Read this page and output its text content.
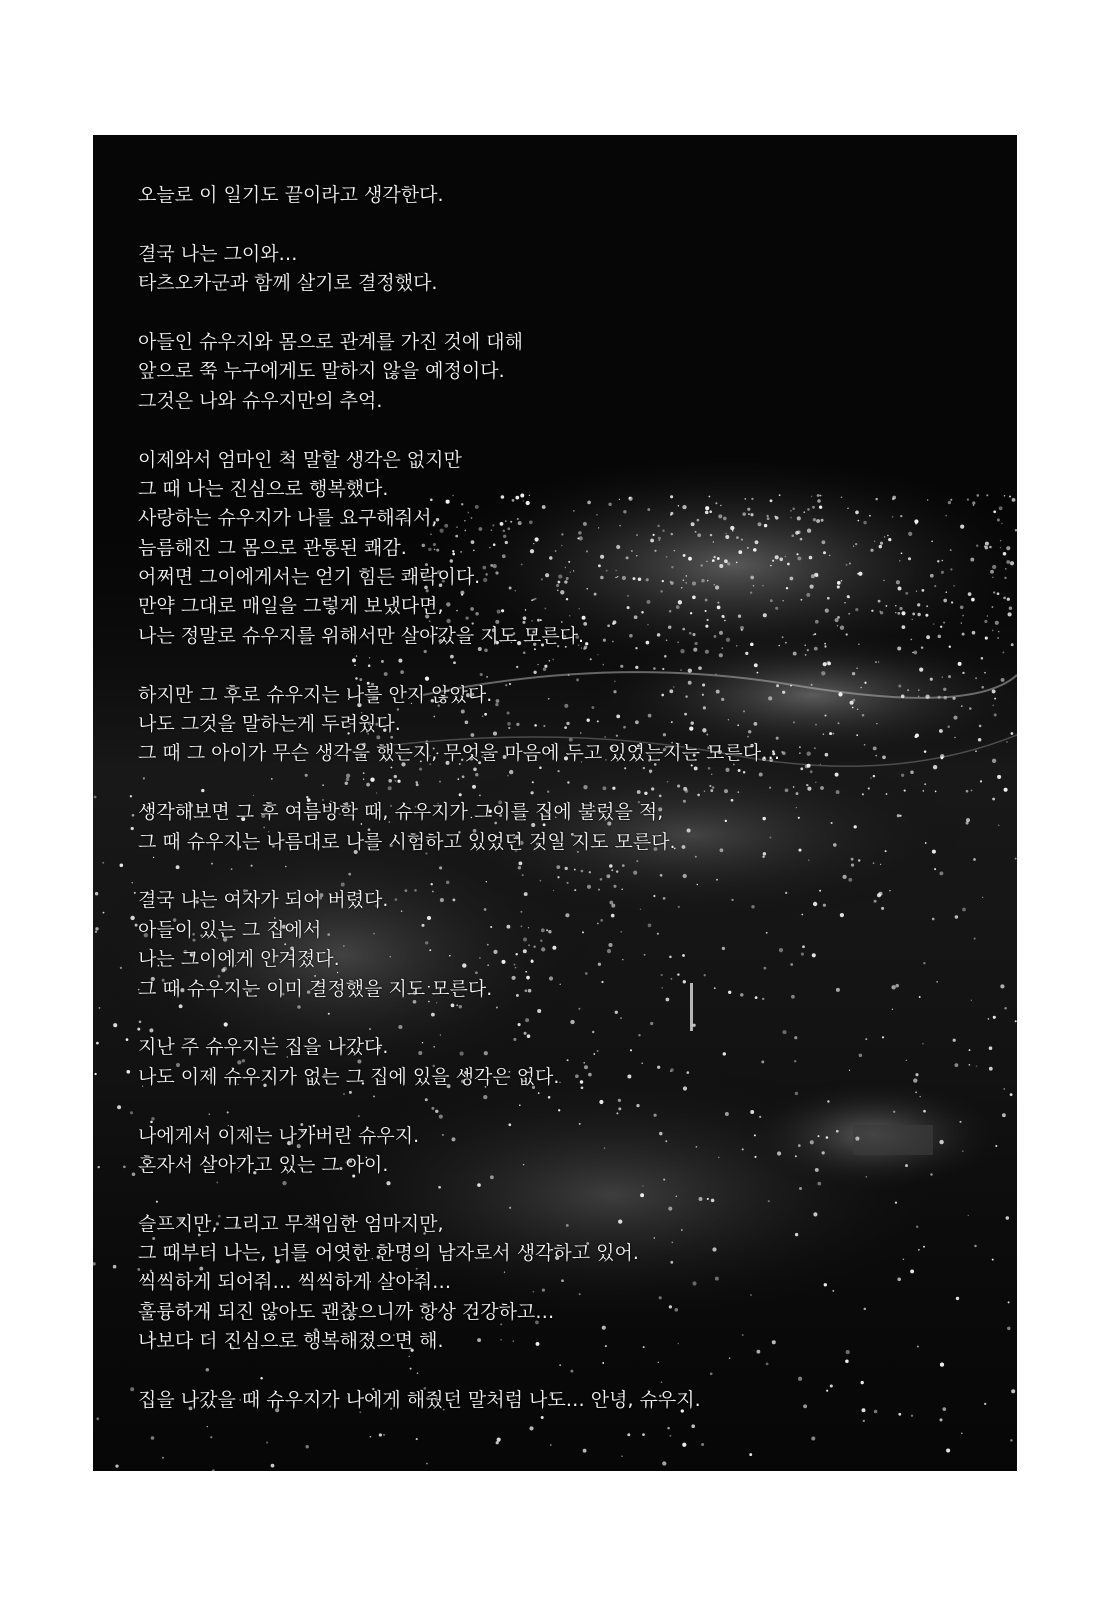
오늘로 이 일기도 끝이라고 생각한다.
결국 나는 그이와…
타츠오카군과 함께 살기로 결정했다.
아들인 슈우지와 몸으로 관계를 가진 것에 대해
앞으로 쭉 누구에게도 말하지 않을 예정이다.
그것은 나와 슈우지만의 추억.
이제와서 엄마인 척 말할 생각은 없지만
그 때 나는 진심으로 행복했다.
사랑하는 슈우지가 나를 요구해줘서,
늠름해진 그 몸으로 관통된 쾌감.
어쩌면 그이에게서는 얻기 힘든 쾌락이다.
만약 그대로 매일을 그렇게 보냈다면,
나는 정말로 슈우지를 위해서만 살아갔을 지도 모른다.
하지만 그 후로 슈우지는 나를 안지 않았다.
나도 그것을 말하는게 두려웠다.
그 때 그 아이가 무슨 생각을 했는지, 무엇을 마음에 두고 있었는지는 모른다…
생각해보면 그 후 여름방학 때, 슈우지가 그이를 집에 불렀을 적,
그 때 슈우지는 나름대로 나를 시험하고 있었던 것일 지도 모른다.
결국 나는 여자가 되어 버렸다.
아들이 있는 그 집에서
나는 그이에게 안겨졌다.
그 때 슈우지는 이미 결정했을 지도 모른다.
지난 주 슈우지는 집을 나갔다.
나도 이제 슈우지가 없는 그 집에 있을 생각은 없다.
나에게서 이제는 나가버린 슈우지.
혼자서 살아가고 있는 그 아이.
슬프지만, 그리고 무책임한 엄마지만,
그 때부터 나는, 너를 어엿한 한명의 남자로서 생각하고 있어.
씩씩하게 되어줘… 씩씩하게 살아줘…
훌륭하게 되진 않아도 괜찮으니까 항상 건강하고…
나보다 더 진심으로 행복해졌으면 해.
집을 나갔을 때 슈우지가 나에게 해줬던 말처럼 나도… 안녕, 슈우지.
